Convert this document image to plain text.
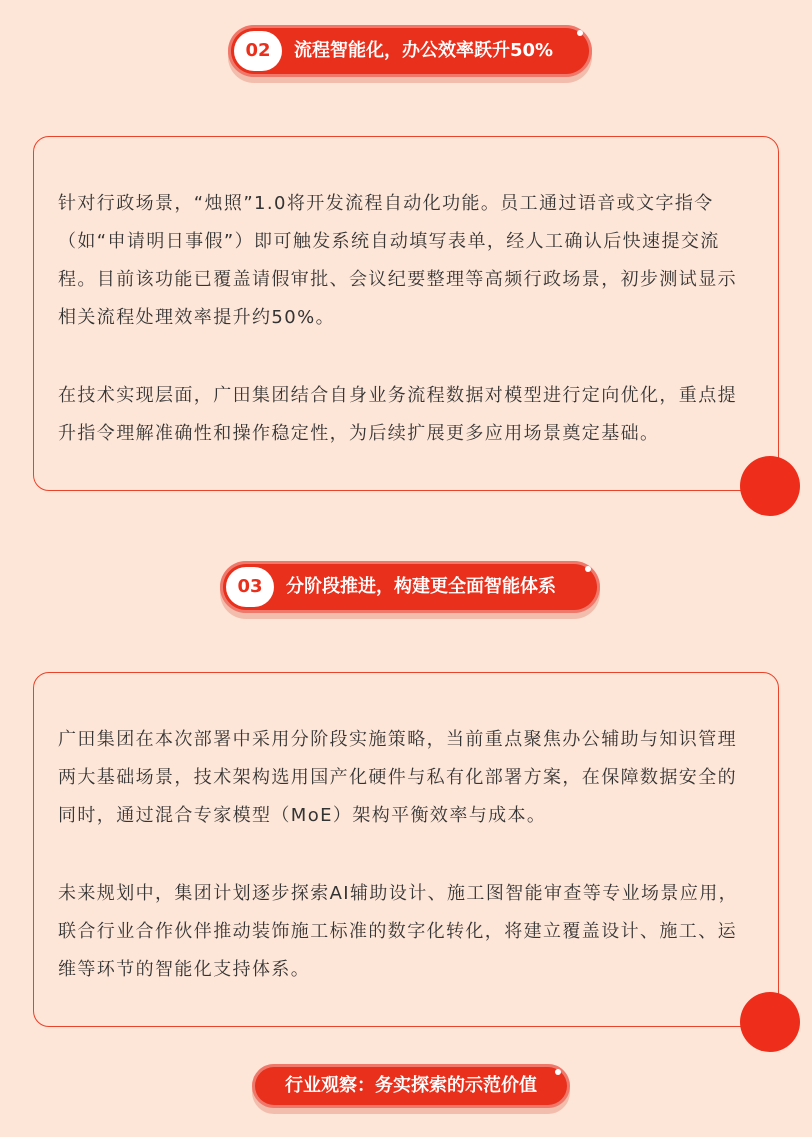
02	流程智能化，办公效率跃升50%

针对行政场景，“烛照”1.0将开发流程自动化功能。员工通过语音或文字指令（如“申请明日事假”）即可触发系统自动填写表单，经人工确认后快速提交流程。目前该功能已覆盖请假审批、会议纪要整理等高频行政场景，初步测试显示相关流程处理效率提升约50%。

在技术实现层面，广田集团结合自身业务流程数据对模型进行定向优化，重点提升指令理解准确性和操作稳定性，为后续扩展更多应用场景奠定基础。

03	分阶段推进，构建更全面智能体系

广田集团在本次部署中采用分阶段实施策略，当前重点聚焦办公辅助与知识管理两大基础场景，技术架构选用国产化硬件与私有化部署方案，在保障数据安全的同时，通过混合专家模型（MoE）架构平衡效率与成本。

未来规划中，集团计划逐步探索AI辅助设计、施工图智能审查等专业场景应用，联合行业合作伙伴推动装饰施工标准的数字化转化，将建立覆盖设计、施工、运维等环节的智能化支持体系。

行业观察：务实探索的示范价值
